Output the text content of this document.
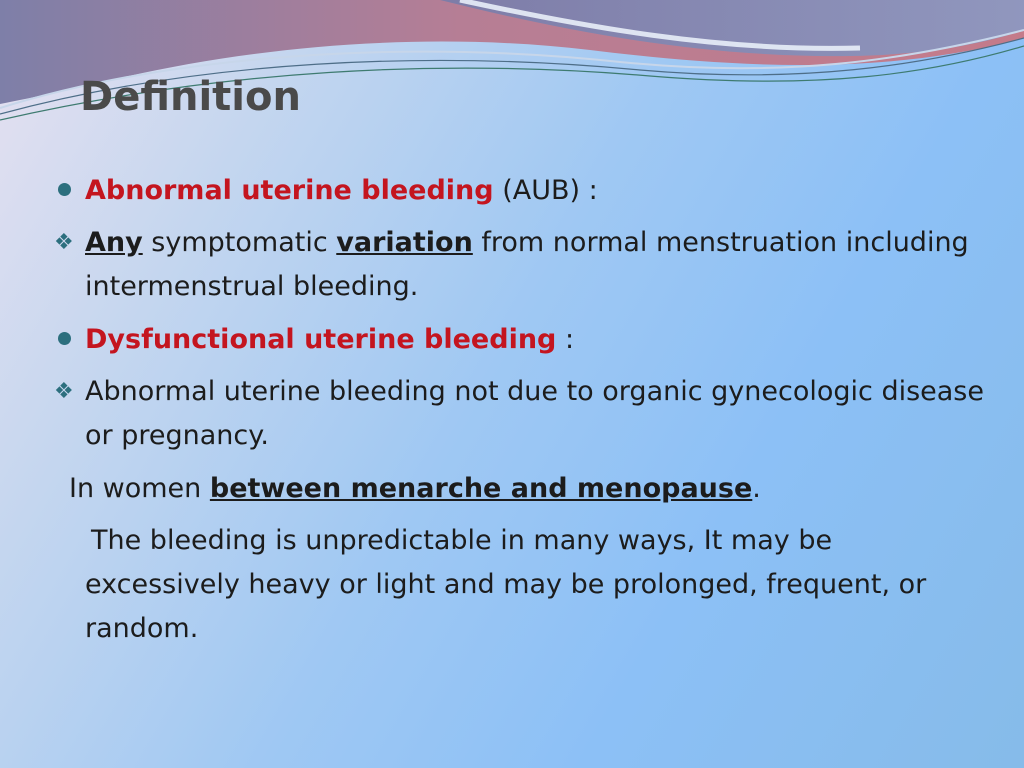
Definition
Abnormal uterine bleeding (AUB) :
❖ Any symptomatic variation from normal menstruation including intermenstrual bleeding.
Dysfunctional uterine bleeding :
❖ Abnormal uterine bleeding not due to organic gynecologic disease or pregnancy.
In women between menarche and menopause.
The bleeding is unpredictable in many ways, It may be excessively heavy or light and may be prolonged, frequent, or random.
